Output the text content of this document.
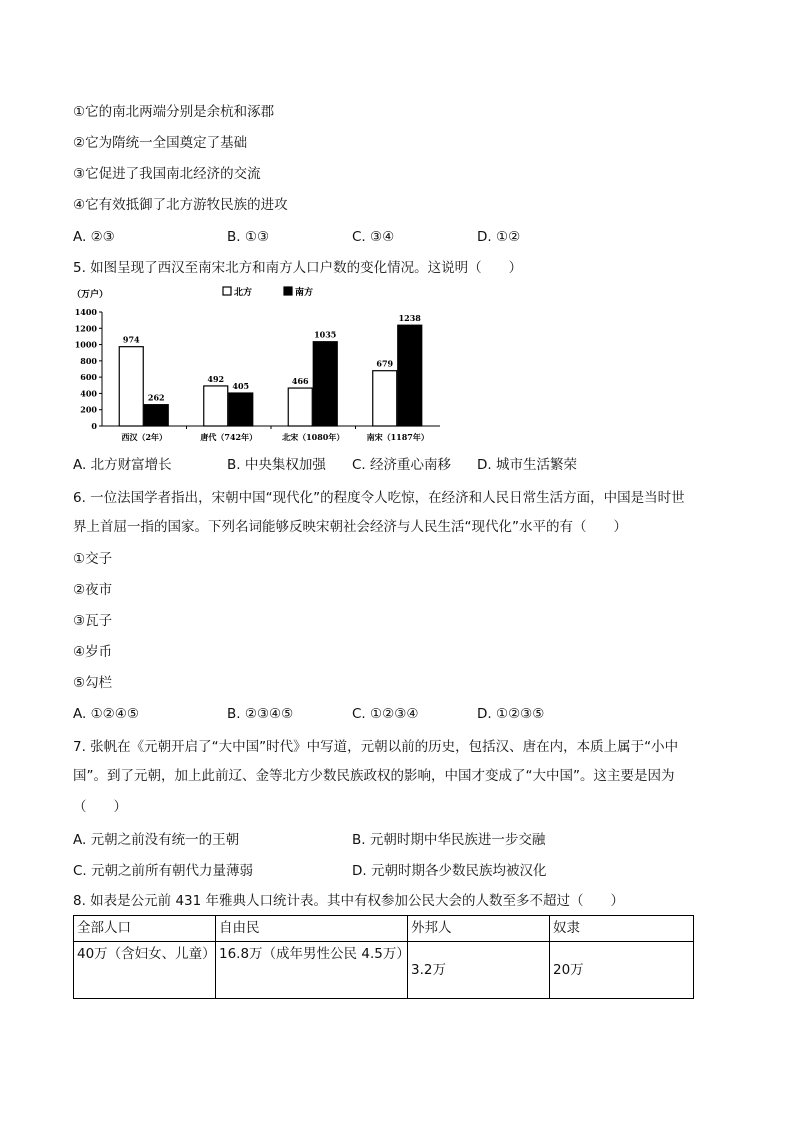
①它的南北两端分别是余杭和涿郡
②它为隋统一全国奠定了基础
③它促进了我国南北经济的交流
④它有效抵御了北方游牧民族的进攻
A. ②③	B. ①③	C. ③④	D. ①②
5. 如图呈现了西汉至南宋北方和南方人口户数的变化情况。这说明（　　）
（万户）	北方	南方
0
200
400
600
800
1000
1200
1400
974
262
492
405	466
1035
679
1238
西汉（2年）	唐代（742年）	北宋（1080年）	南宋（1187年）
A. 北方财富增长	B. 中央集权加强 C. 经济重心南移 D. 城市生活繁荣
6. 一位法国学者指出，宋朝中国“现代化”的程度令人吃惊，在经济和人民日常生活方面，中国是当时世
界上首屈一指的国家。下列名词能够反映宋朝社会经济与人民生活“现代化”水平的有（　　）
①交子
②夜市
③瓦子
④岁币
⑤勾栏
A. ①②④⑤	B. ②③④⑤	C. ①②③④	D. ①②③⑤
7. 张帆在《元朝开启了“大中国”时代》中写道，元朝以前的历史，包括汉、唐在内，本质上属于“小中
国”。到了元朝，加上此前辽、金等北方少数民族政权的影响，中国才变成了“大中国”。这主要是因为
（　　）
A. 元朝之前没有统一的王朝	B. 元朝时期中华民族进一步交融
C. 元朝之前所有朝代力量薄弱	D. 元朝时期各少数民族均被汉化
8. 如表是公元前 431 年雅典人口统计表。其中有权参加公民大会的人数至多不超过（　　）
全部人口	自由民	外邦人	奴隶
40万（含妇女、儿童）	16.8万（成年男性公民 4.5万）	3.2万	20万
